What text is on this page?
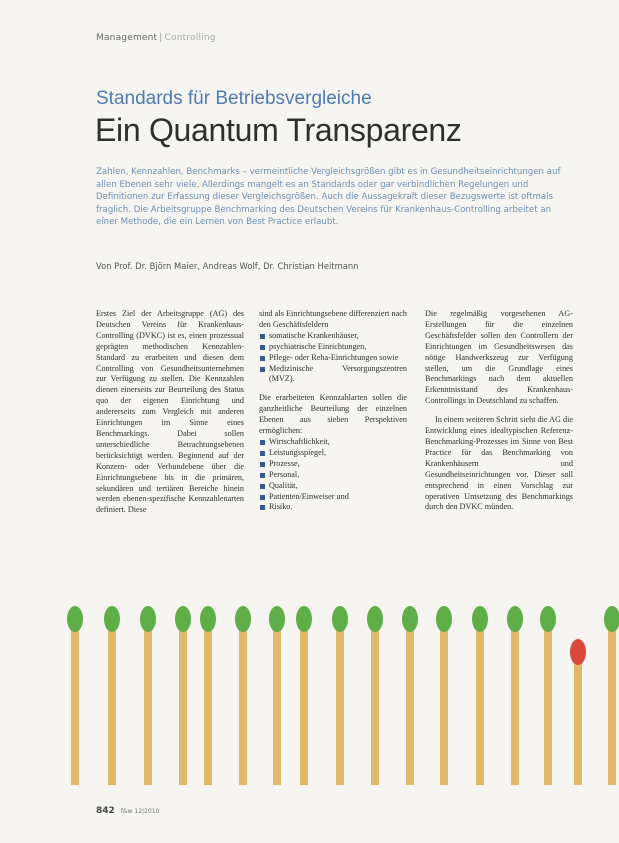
Management | Controlling
Standards für Betriebsvergleiche
Ein Quantum Transparenz
Zahlen, Kennzahlen, Benchmarks – vermeintliche Vergleichsgrößen gibt es in Gesundheitseinrichtungen auf allen Ebenen sehr viele. Allerdings mangelt es an Standards oder gar verbindlichen Regelungen und Definitionen zur Erfassung dieser Vergleichsgrößen. Auch die Aussagekraft dieser Bezugswerte ist oftmals fraglich. Die Arbeitsgruppe Benchmarking des Deutschen Vereins für Krankenhaus-Controlling arbeitet an einer Methode, die ein Lernen von Best Practice erlaubt.
Von Prof. Dr. Björn Maier, Andreas Wolf, Dr. Christian Heitmann

Erstes Ziel der Arbeitsgruppe (AG) des Deutschen Vereins für Krankenhaus-Controlling (DVKC) ist es, einen prozessual geprägten methodischen Kennzahlen-Standard zu erarbeiten und diesen dem Controlling von Gesundheitsunternehmen zur Verfügung zu stellen. Die Kennzahlen dienen einerseits zur Beurteilung des Status quo der eigenen Einrichtung und andererseits zum Vergleich mit anderen Einrichtungen im Sinne eines Benchmarkings. Dabei sollen unterschiedliche Betrachtungsebenen berücksichtigt werden. Beginnend auf der Konzern- oder Verbundebene über die Einrichtungsebene bis in die primären, sekundären und tertiären Bereiche hinein werden ebenen-spezifische Kennzahlenarten definiert. Diese

sind als Einrichtungsebene differenziert nach den Geschäftsfeldern

somatische Krankenhäuser,
psychiatrische Einrichtungen,
Pflege- oder Reha-Einrichtungen sowie
Medizinische Versorgungszentren (MVZ).

Die erarbeiteten Kennzahlarten sollen die ganzheitliche Beurteilung der einzelnen Ebenen aus sieben Perspektiven ermöglichen:

Wirtschaftlichkeit,
Leistungsspiegel,
Prozesse,
Personal,
Qualität,
Patienten/Einweiser und
Risiko.

Die regelmäßig vorgesehenen AG-Erstellungen für die einzelnen Geschäftsfelder sollen den Controllern der Einrichtungen im Gesundheitswesen das nötige Handwerkszeug zur Verfügung stellen, um die Grundlage eines Benchmarkings nach dem aktuellen Erkenntnisstand des Krankenhaus-Controllings in Deutschland zu schaffen.

In einem weiteren Schritt sieht die AG die Entwicklung eines idealtypischen Referenz-Benchmarking-Prozesses im Sinne von Best Practice für das Benchmarking von Krankenhäusern und Gesundheitseinrichtungen vor. Dieser soll entsprechend in einen Vorschlag zur operativen Umsetzung des Benchmarkings durch den DVKC münden.

842 f&w 12|2010
